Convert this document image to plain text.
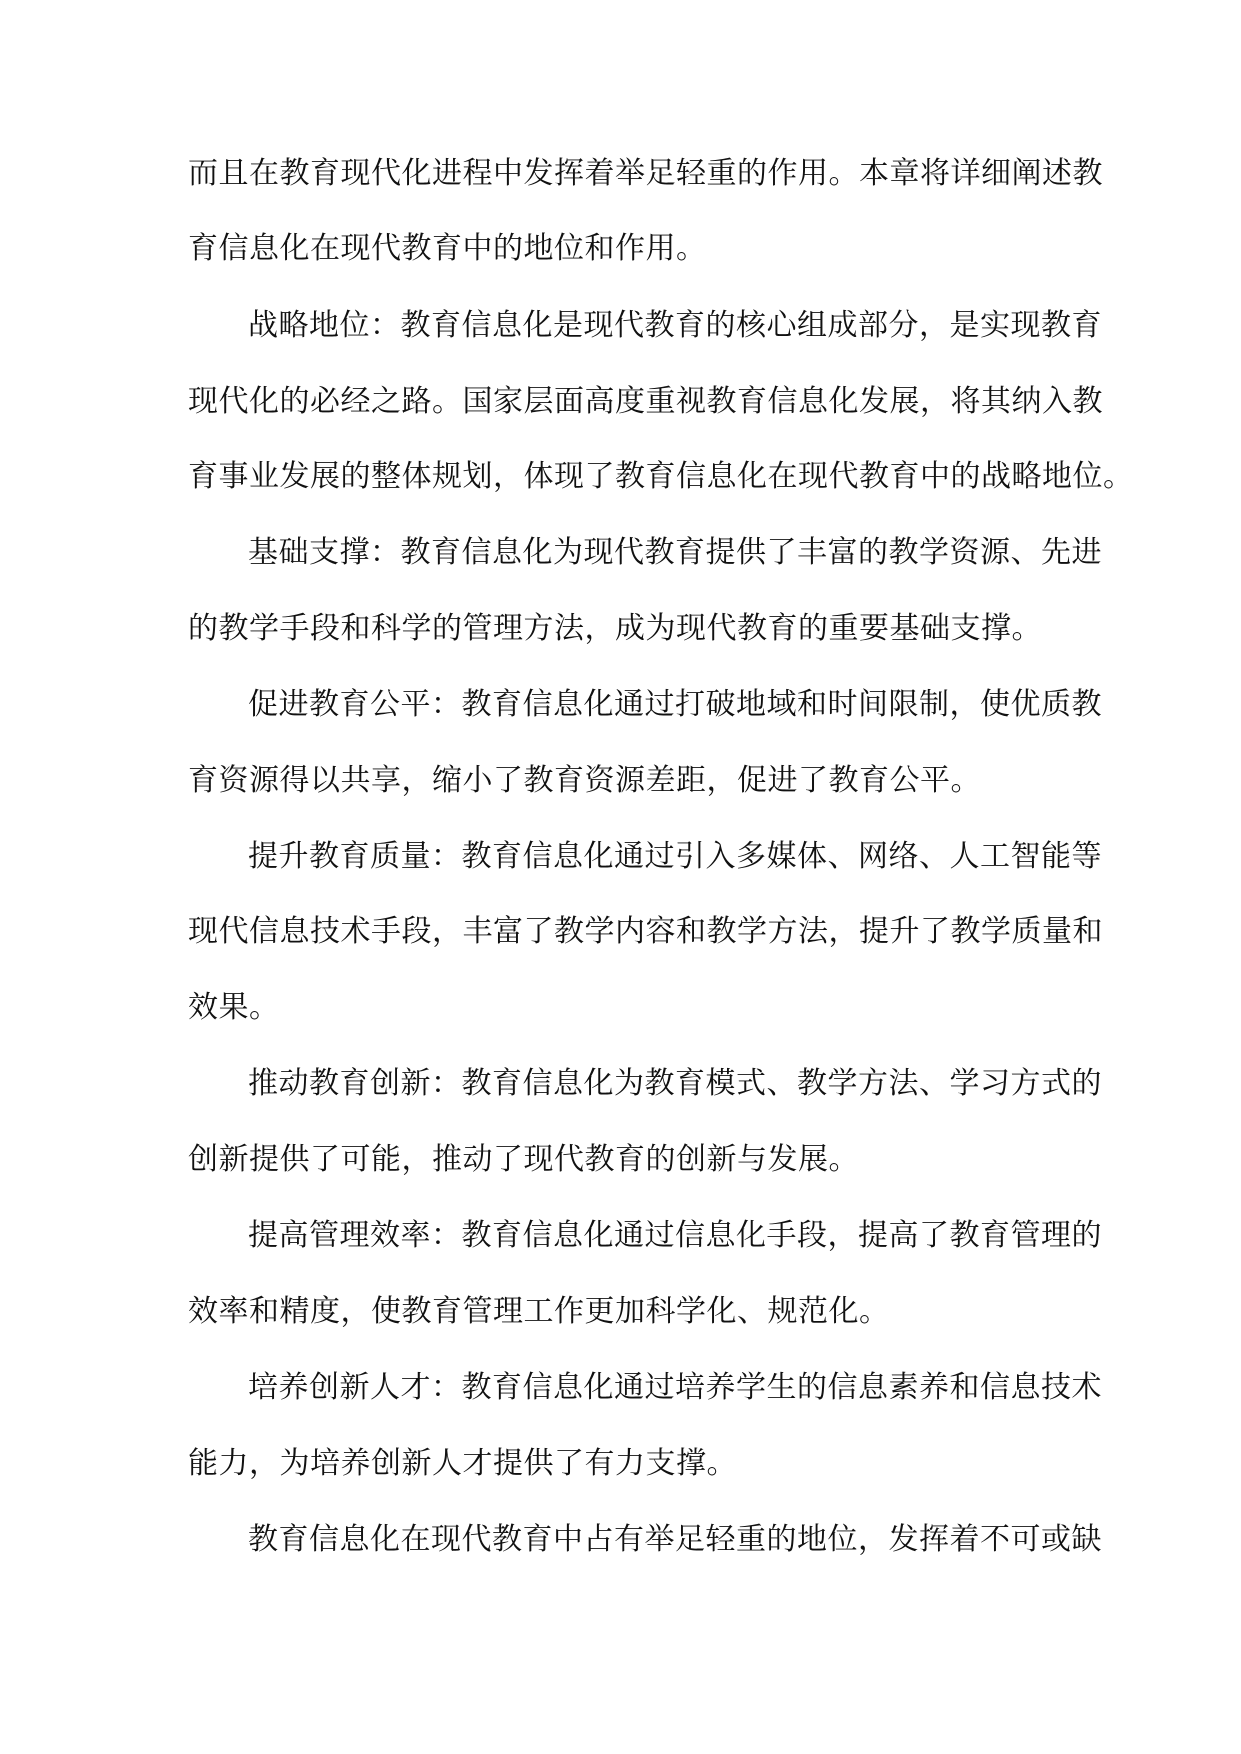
而且在教育现代化进程中发挥着举足轻重的作用。本章将详细阐述教
育信息化在现代教育中的地位和作用。
战略地位：教育信息化是现代教育的核心组成部分，是实现教育
现代化的必经之路。国家层面高度重视教育信息化发展，将其纳入教
育事业发展的整体规划，体现了教育信息化在现代教育中的战略地位。
基础支撑：教育信息化为现代教育提供了丰富的教学资源、先进
的教学手段和科学的管理方法，成为现代教育的重要基础支撑。
促进教育公平：教育信息化通过打破地域和时间限制，使优质教
育资源得以共享，缩小了教育资源差距，促进了教育公平。
提升教育质量：教育信息化通过引入多媒体、网络、人工智能等
现代信息技术手段，丰富了教学内容和教学方法，提升了教学质量和
效果。
推动教育创新：教育信息化为教育模式、教学方法、学习方式的
创新提供了可能，推动了现代教育的创新与发展。
提高管理效率：教育信息化通过信息化手段，提高了教育管理的
效率和精度，使教育管理工作更加科学化、规范化。
培养创新人才：教育信息化通过培养学生的信息素养和信息技术
能力，为培养创新人才提供了有力支撑。
教育信息化在现代教育中占有举足轻重的地位，发挥着不可或缺
